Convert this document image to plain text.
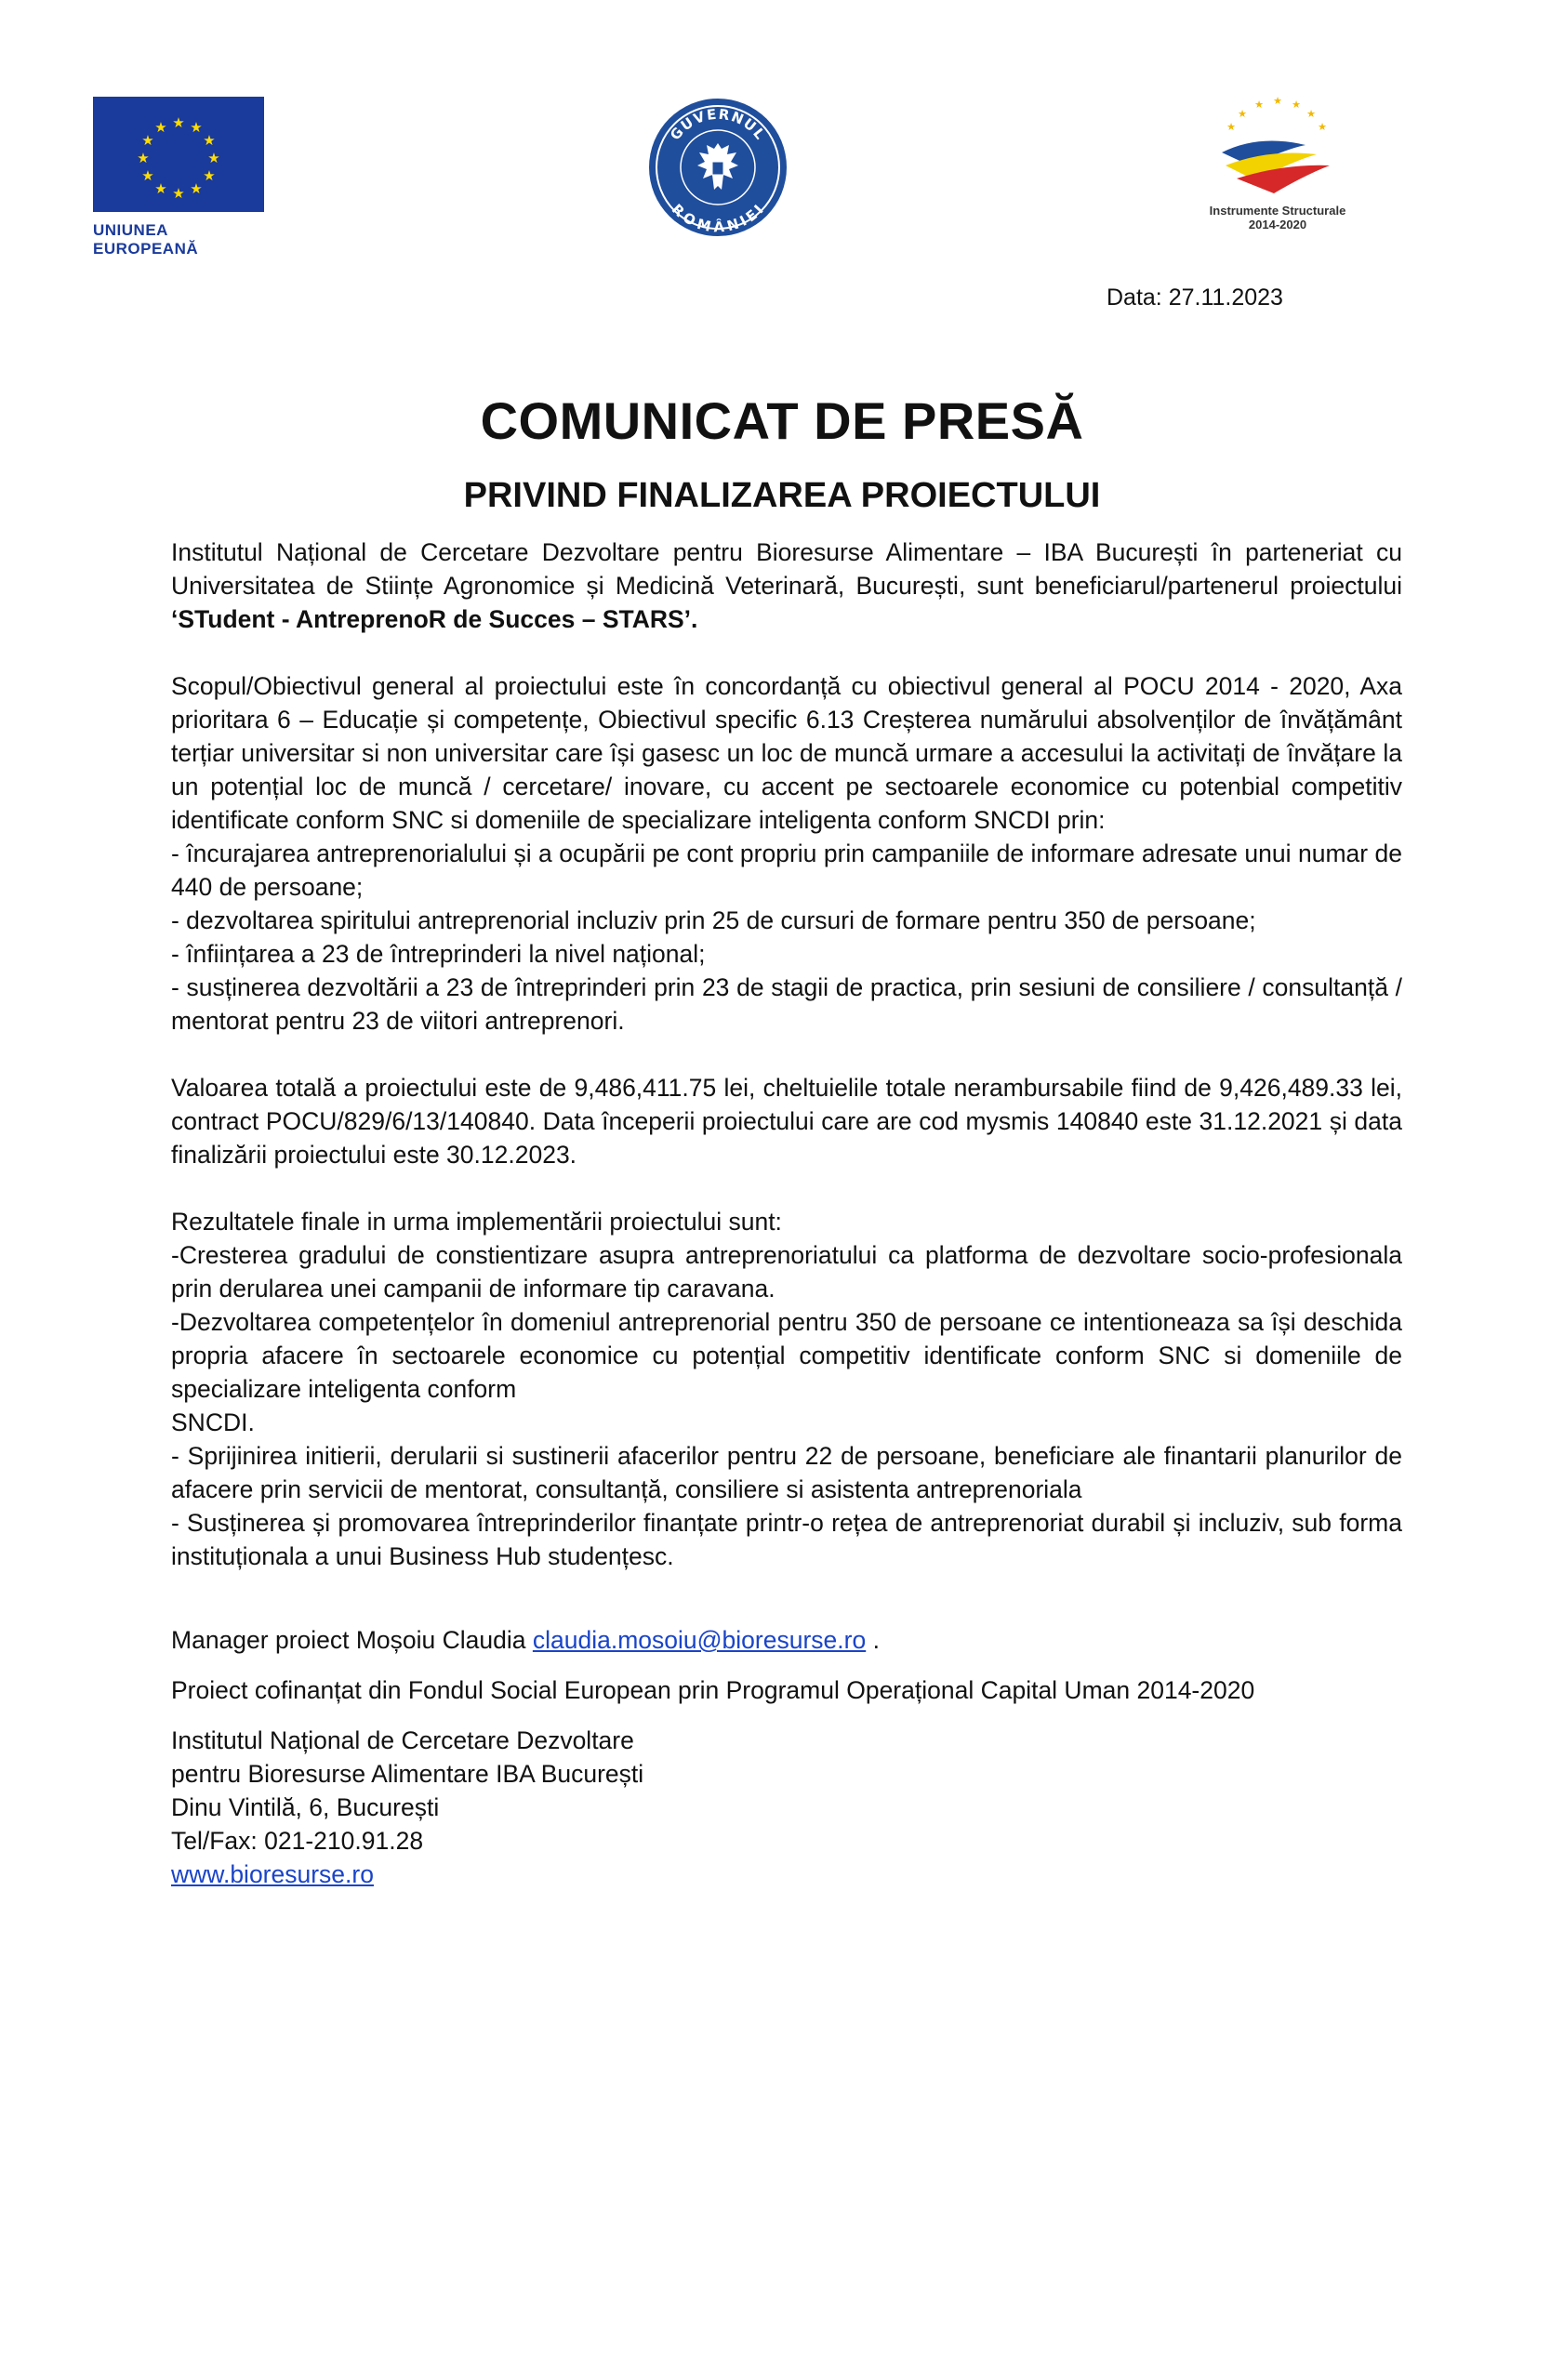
★ ★
★
★
★
★
★
★
★
★
★
★
UNIUNEA EUROPEANĂ
GUVERNUL
ROMÂNIEI
★
★ ★ ★
★
★
★
Instrumente Structurale
2014-2020
Data: 27.11.2023
COMUNICAT DE PRESĂ
PRIVIND FINALIZAREA PROIECTULUI

Institutul Național de Cercetare Dezvoltare pentru Bioresurse Alimentare – IBA București în parteneriat cu Universitatea de Stiințe Agronomice și Medicină Veterinară, București, sunt beneficiarul/partenerul proiectului ‘STudent - AntreprenoR de Succes – STARS’.

Scopul/Obiectivul general al proiectului este în concordanță cu obiectivul general al POCU 2014 - 2020, Axa prioritara 6 – Educație și competențe, Obiectivul specific 6.13 Creșterea numărului absolvenților de învățământ terțiar universitar si non universitar care își gasesc un loc de muncă urmare a accesului la activitați de învățare la un potențial loc de muncă / cercetare/ inovare, cu accent pe sectoarele economice cu potenbial competitiv identificate conform SNC si domeniile de specializare inteligenta conform SNCDI prin:

- încurajarea antreprenorialului și a ocupării pe cont propriu prin campaniile de informare adresate unui numar de 440 de persoane;

- dezvoltarea spiritului antreprenorial incluziv prin 25 de cursuri de formare pentru 350 de persoane;

- înființarea a 23 de întreprinderi la nivel național;

- susținerea dezvoltării a 23 de întreprinderi prin 23 de stagii de practica, prin sesiuni de consiliere / consultanță / mentorat pentru 23 de viitori antreprenori.

Valoarea totală a proiectului este de 9,486,411.75 lei, cheltuielile totale nerambursabile fiind de 9,426,489.33 lei, contract POCU/829/6/13/140840. Data începerii proiectului care are cod mysmis 140840 este 31.12.2021 și data finalizării proiectului este 30.12.2023.

Rezultatele finale in urma implementării proiectului sunt:

-Cresterea gradului de constientizare asupra antreprenoriatului ca platforma de dezvoltare socio-profesionala prin derularea unei campanii de informare tip caravana.

-Dezvoltarea competențelor în domeniul antreprenorial pentru 350 de persoane ce intentioneaza sa își deschida propria afacere în sectoarele economice cu potențial competitiv identificate conform SNC si domeniile de specializare inteligenta conform

SNCDI.

- Sprijinirea initierii, derularii si sustinerii afacerilor pentru 22 de persoane, beneficiare ale finantarii planurilor de afacere prin servicii de mentorat, consultanță, consiliere si asistenta antreprenoriala

- Susținerea și promovarea întreprinderilor finanțate printr-o rețea de antreprenoriat durabil și incluziv, sub forma instituționala a unui Business Hub studențesc.

Manager proiect Moșoiu Claudia claudia.mosoiu@bioresurse.ro .

Proiect cofinanțat din Fondul Social European prin Programul Operațional Capital Uman 2014-2020

Institutul Național de Cercetare Dezvoltare

pentru Bioresurse Alimentare IBA București

Dinu Vintilă, 6, București

Tel/Fax: 021-210.91.28

www.bioresurse.ro
